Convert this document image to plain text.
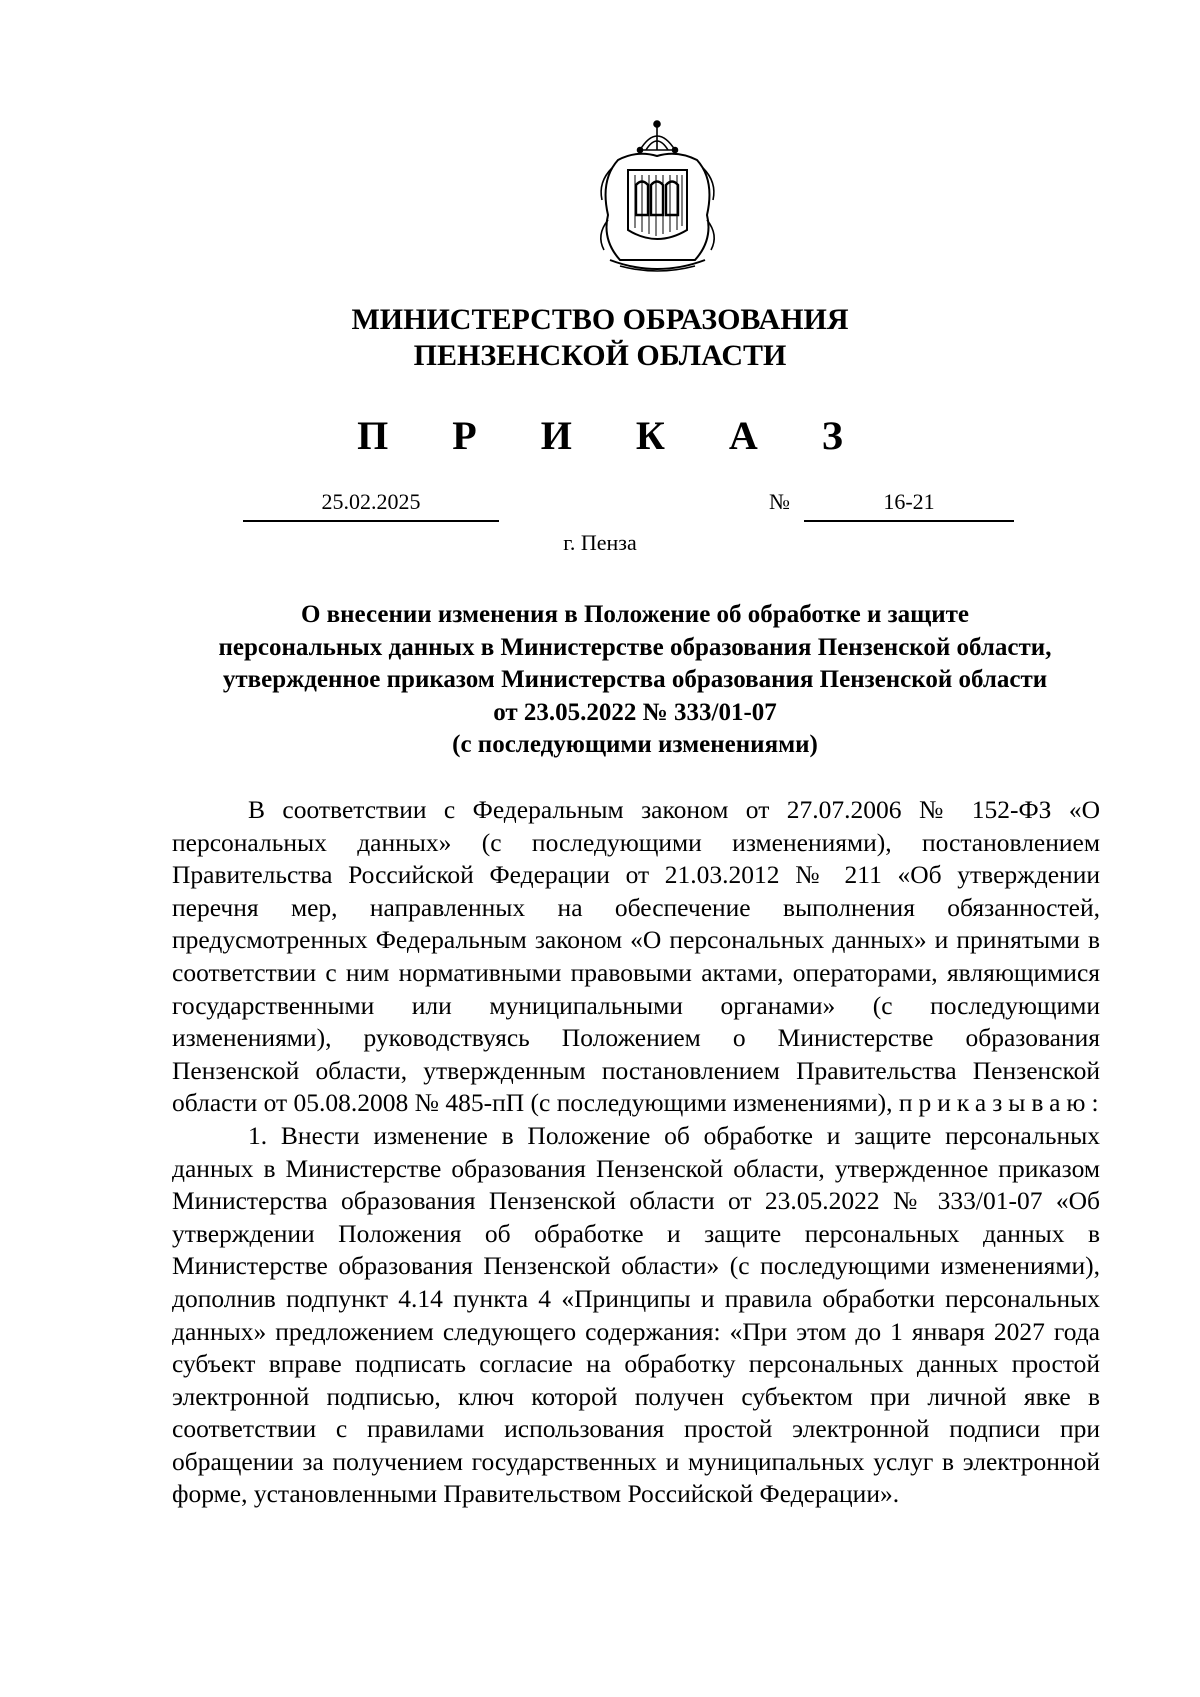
МИНИСТЕРСТВО ОБРАЗОВАНИЯ
ПЕНЗЕНСКОЙ ОБЛАСТИ
П Р И К А З
25.02.2025	№	16-21
г. Пенза
О внесении изменения в Положение об обработке и защите
персональных данных в Министерстве образования Пензенской области,
утвержденное приказом Министерства образования Пензенской области
от 23.05.2022 № 333/01-07
(с последующими изменениями)

В соответствии с Федеральным законом от 27.07.2006 № 152-ФЗ «О персональных данных» (с последующими изменениями), постановлением Правительства Российской Федерации от 21.03.2012 № 211 «Об утверждении перечня мер, направленных на обеспечение выполнения обязанностей, предусмотренных Федеральным законом «О персональных данных» и принятыми в соответствии с ним нормативными правовыми актами, операторами, являющимися государственными или муниципальными органами» (с последующими изменениями), руководствуясь Положением о Министерстве образования Пензенской области, утвержденным постановлением Правительства Пензенской области от 05.08.2008 № 485-пП (с последующими изменениями), приказываю:

1. Внести изменение в Положение об обработке и защите персональных данных в Министерстве образования Пензенской области, утвержденное приказом Министерства образования Пензенской области от 23.05.2022 № 333/01-07 «Об утверждении Положения об обработке и защите персональных данных в Министерстве образования Пензенской области» (с последующими изменениями), дополнив подпункт 4.14 пункта 4 «Принципы и правила обработки персональных данных» предложением следующего содержания: «При этом до 1 января 2027 года субъект вправе подписать согласие на обработку персональных данных простой электронной подписью, ключ которой получен субъектом при личной явке в соответствии с правилами использования простой электронной подписи при обращении за получением государственных и муниципальных услуг в электронной форме, установленными Правительством Российской Федерации».
